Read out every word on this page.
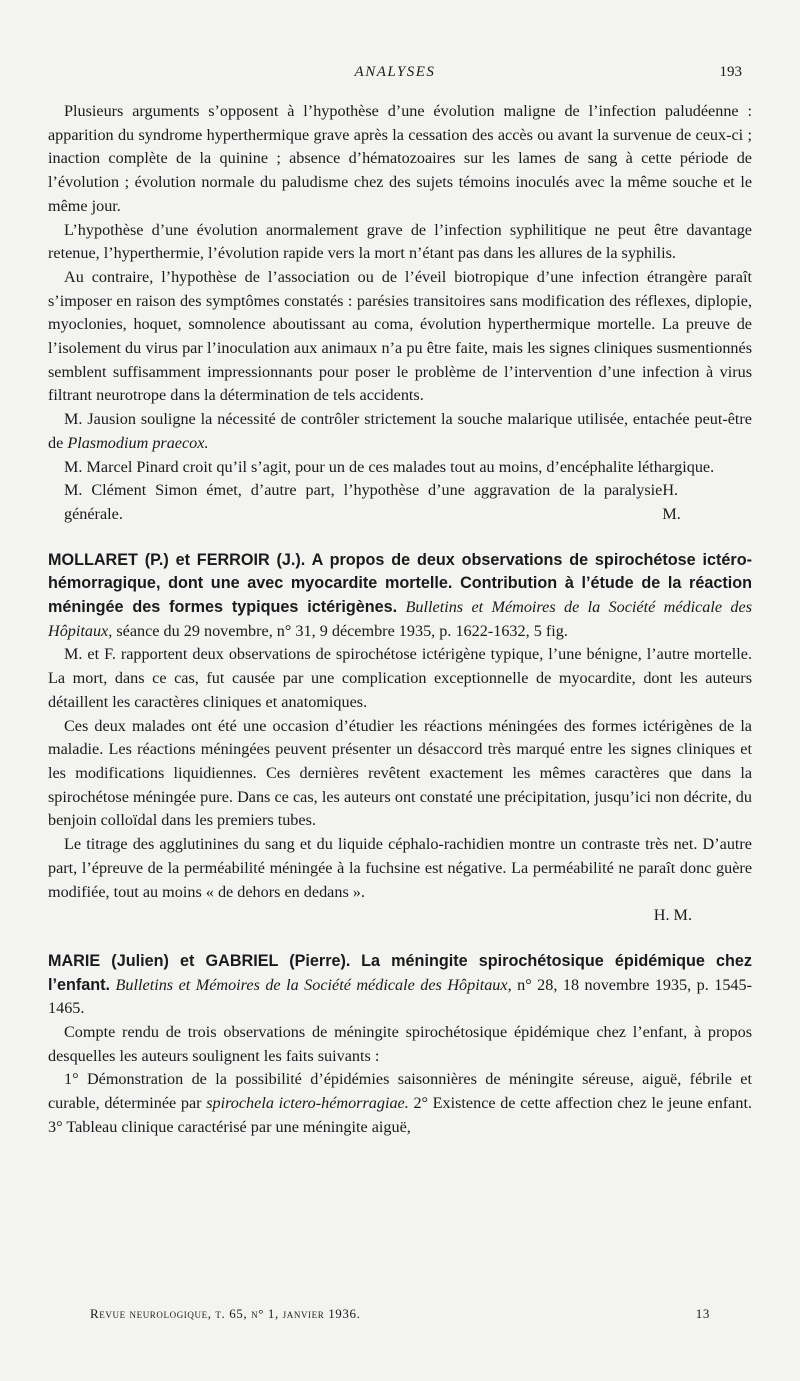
ANALYSES	193

Plusieurs arguments s’opposent à l’hypothèse d’une évolution maligne de l’infection paludéenne : apparition du syndrome hyperthermique grave après la cessation des accès ou avant la survenue de ceux-ci ; inaction complète de la quinine ; absence d’hématozoaires sur les lames de sang à cette période de l’évolution ; évolution normale du paludisme chez des sujets témoins inoculés avec la même souche et le même jour.

L’hypothèse d’une évolution anormalement grave de l’infection syphilitique ne peut être davantage retenue, l’hyperthermie, l’évolution rapide vers la mort n’étant pas dans les allures de la syphilis.

Au contraire, l’hypothèse de l’association ou de l’éveil biotropique d’une infection étrangère paraît s’imposer en raison des symptômes constatés : parésies transitoires sans modification des réflexes, diplopie, myoclonies, hoquet, somnolence aboutissant au coma, évolution hyperthermique mortelle. La preuve de l’isolement du virus par l’inoculation aux animaux n’a pu être faite, mais les signes cliniques susmentionnés semblent suffisamment impressionnants pour poser le problème de l’intervention d’une infection à virus filtrant neurotrope dans la détermination de tels accidents.

M. Jausion souligne la nécessité de contrôler strictement la souche malarique utilisée, entachée peut-être de Plasmodium praecox.

M. Marcel Pinard croit qu’il s’agit, pour un de ces malades tout au moins, d’encéphalite léthargique.

M. Clément Simon émet, d’autre part, l’hypothèse d’une aggravation de la paralysie générale.
H. M.

MOLLARET (P.) et FERROIR (J.). A propos de deux observations de spirochétose ictéro-hémorragique, dont une avec myocardite mortelle. Contribution à l’étude de la réaction méningée des formes typiques ictérigènes. Bulletins et Mémoires de la Société médicale des Hôpitaux, séance du 29 novembre, n° 31, 9 décembre 1935, p. 1622-1632, 5 fig.

M. et F. rapportent deux observations de spirochétose ictérigène typique, l’une bénigne, l’autre mortelle. La mort, dans ce cas, fut causée par une complication exceptionnelle de myocardite, dont les auteurs détaillent les caractères cliniques et anatomiques.

Ces deux malades ont été une occasion d’étudier les réactions méningées des formes ictérigènes de la maladie. Les réactions méningées peuvent présenter un désaccord très marqué entre les signes cliniques et les modifications liquidiennes. Ces dernières revêtent exactement les mêmes caractères que dans la spirochétose méningée pure. Dans ce cas, les auteurs ont constaté une précipitation, jusqu’ici non décrite, du benjoin colloïdal dans les premiers tubes.

Le titrage des agglutinines du sang et du liquide céphalo-rachidien montre un contraste très net. D’autre part, l’épreuve de la perméabilité méningée à la fuchsine est négative. La perméabilité ne paraît donc guère modifiée, tout au moins « de dehors en dedans ».

H. M.

MARIE (Julien) et GABRIEL (Pierre). La méningite spirochétosique épidémique chez l’enfant. Bulletins et Mémoires de la Société médicale des Hôpitaux, n° 28, 18 novembre 1935, p. 1545-1465.

Compte rendu de trois observations de méningite spirochétosique épidémique chez l’enfant, à propos desquelles les auteurs soulignent les faits suivants :

1° Démonstration de la possibilité d’épidémies saisonnières de méningite séreuse, aiguë, fébrile et curable, déterminée par spirochela ictero-hémorragiae. 2° Existence de cette affection chez le jeune enfant. 3° Tableau clinique caractérisé par une méningite aiguë,

Revue neurologique, t. 65, n° 1, janvier 1936.	13
